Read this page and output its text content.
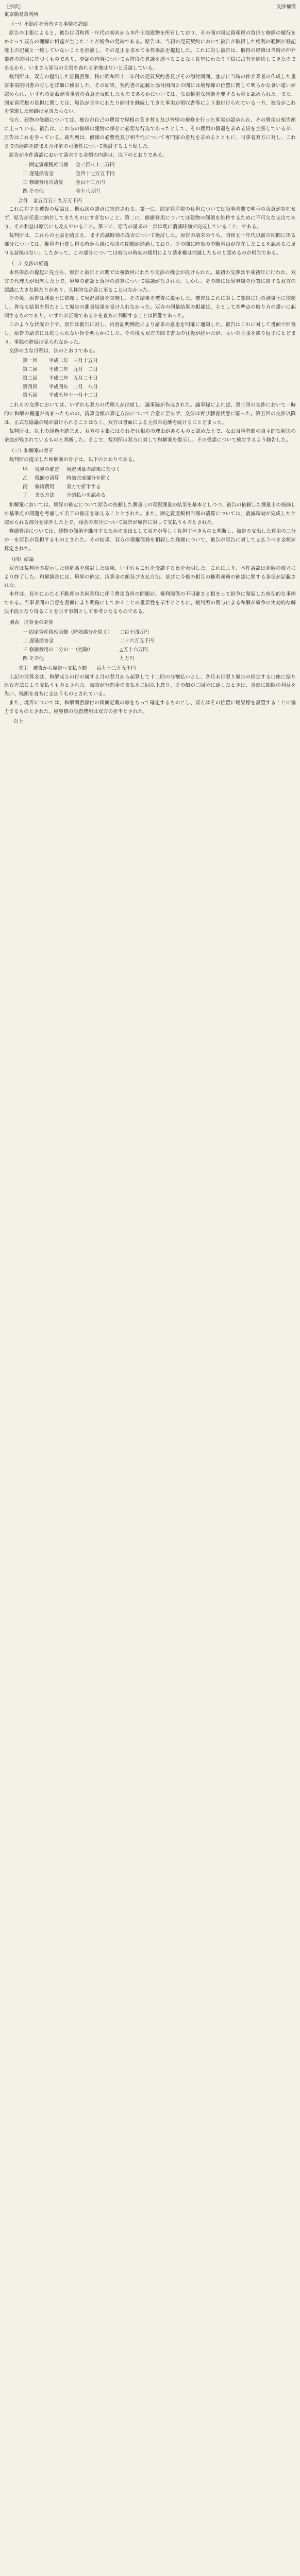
［抄訳］
東京簡易裁判所
交渉補償
（一）不動産を所有する事情の詳細

原告の主張によると、被告は昭和四十年代の初めから本件土地建物を所有しており、その間の固定資産税の負担と修繕の履行をめぐって双方の理解に相違が生じたことが紛争の発端である。原告は、当初の売買契約において被告が取得した権利の範囲が登記簿上の記載と一致していないことを指摘し、その是正を求めて本件訴訟を提起した。これに対し被告は、取得の経緯は当時の仲介業者の説明に基づくものであり、登記の内容についても特段の異議を述べることなく長年にわたり平穏に占有を継続してきたのであるから、いまさら原告の主張を容れる余地はないと反論している。

裁判所は、双方の提出した証拠書類、特に昭和四十二年付の売買契約書及びその添付図面、並びに当時の仲介業者の作成した重要事項説明書の写しを詳細に検討した。その結果、契約書の記載と添付図面との間には境界線の位置に関して明らかな食い違いが認められ、いずれの記載が当事者の真意を反映したものであるかについては、なお慎重な判断を要するものと認められた。また、固定資産税の負担に関しては、原告が長年にわたり納付を継続してきた事実が領収書等により裏付けられている一方、被告がこれを償還した形跡は見当たらない。

他方、建物の修繕については、被告が自己の費用で屋根の葺き替え及び外壁の補修を行った事実が認められ、その費用は相当額に上っている。被告は、これらの修繕は建物の保存に必要な行為であったとして、その費用の償還を求める旨を主張しているが、原告はこれを争っている。裁判所は、修繕の必要性及び相当性について専門家の意見を求めるとともに、当事者双方に対し、これまでの経緯を踏まえた和解の可能性について検討するよう促した。

原告が本件訴訟において請求する金額の内訳は、以下のとおりである。

一 固定資産税相当額	金三百八十二万円
二 遅延損害金	金四十七万五千円
三 修繕費用の清算	金百十二万円
四 その他	金十八万円
　合計　金五百五十九万五千円

これに対する被告の反論は、概ね次の諸点に集約される。第一に、固定資産税の負担については当事者間で明示の合意が存在せず、原告が任意に納付してきたものにすぎないこと。第二に、修繕費用については建物の価値を維持するために不可欠な支出であり、その利益は原告にも及んでいること。第三に、原告の請求の一部は既に消滅時効が完成していること、である。

裁判所は、これらの主張を踏まえ、まず消滅時効の成否について検討した。原告の請求のうち、昭和五十年代以前の期間に係る部分については、権利を行使し得る時から既に相当の期間が経過しており、その間に時効の中断事由が存在したことを認めるに足りる証拠はない。したがって、この部分については被告の時効の援用により請求権は消滅したものと認めるのが相当である。

（二）交渉の経過

本件訴訟の提起に先立ち、原告と被告との間では複数回にわたり交渉の機会が設けられた。最初の交渉は平成初年に行われ、双方の代理人が出席した上で、境界の確認と負担の清算について協議がなされた。しかし、その際には境界線の位置に関する双方の認識に大きな隔たりがあり、具体的な合意に至ることはなかった。

その後、原告は測量士に依頼して現況測量を実施し、その結果を被告に提示した。被告はこれに対して独自に別の測量士に依頼し、異なる結果を得たとして原告の測量結果を受け入れなかった。双方の測量結果の相違は、主として基準点の取り方の違いに起因するものであり、いずれが正確であるかを直ちに判断することは困難であった。

このような状況の下で、原告は被告に対し、内容証明郵便により請求の意思を明確に通知した。被告はこれに対して書面で回答し、原告の請求には応じられない旨を明らかにした。その後も双方の間で書面の往復が続いたが、互いの主張を繰り返すにとどまり、事態の進展は見られなかった。

交渉の主な日程は、次のとおりである。

第一回	平成二年　三月十五日
第二回	平成二年　九月　二日
第三回	平成三年　五月二十日
第四回	平成四年　二月　八日
第五回	平成五年十一月十二日

これらの交渉においては、いずれも双方の代理人が出席し、議事録が作成された。議事録によれば、第三回の交渉において一時的に和解の機運が高まったものの、清算金額の算定方法について合意に至らず、交渉は再び膠着状態に陥った。第五回の交渉以降は、正式な協議の場が設けられることはなく、双方は書面による主張の応酬を続けるにとどまった。

裁判所は、以上の経過を踏まえ、双方の主張にはそれぞれ相応の理由があるものと認めた上で、なお当事者間の自主的な解決の余地が残されているものと判断した。そこで、裁判所は双方に対して和解案を提示し、その受諾について検討するよう勧告した。

（三）和解案の骨子

裁判所の提示した和解案の骨子は、以下のとおりである。

甲	境界の確定	現況測量の結果に基づく
乙	税額の清算	時効完成部分を除く
丙	修繕費用	双方で折半する
丁	支払方法	分割払いを認める

和解案においては、境界の確定について原告の依頼した測量士の現況測量の結果を基本としつつ、被告の依頼した測量士の指摘した基準点の問題を考慮して若干の修正を加えることとされた。また、固定資産税相当額の清算については、消滅時効が完成したと認められる部分を除外した上で、残余の部分について被告が原告に対して支払うものとされた。

修繕費用については、建物の価値を維持するための支出として双方が等しく負担すべきものと判断し、被告の支出した費用の二分の一を原告が負担するものとされた。その結果、双方の債権債務を相殺した残額について、被告が原告に対して支払うべき金額が算定された。

（四）結論

双方は裁判所の提示した和解案を検討した結果、いずれもこれを受諾する旨を表明した。これにより、本件訴訟は和解の成立により終了した。和解調書には、境界の確定、清算金の額及び支払方法、並びに今後の相互の権利義務の確認に関する条項が記載された。

本件は、長年にわたる不動産の共同利用に伴う費用負担の問題が、権利関係の不明確さと相まって紛争に発展した典型的な事例である。当事者間の合意を書面により明確にしておくことの重要性を示すとともに、裁判所の関与による和解が紛争の実効的な解決手段となり得ることを示す事例として参考となるものである。

別表　清算金の計算
一 固定資産税相当額（時効部分を除く）	二百十四万円
二 遅延損害金	二十六万五千円
三 修繕費用の二分の一（控除）	△五十六万円
四 その他	九万円
　差引　被告から原告へ支払う額　　百九十三万五千円

上記の清算金は、和解成立の日の属する月の翌月から起算して十二回の分割払いとし、各月末日限り原告の指定する口座に振り込む方法により支払うものとされた。被告が分割金の支払を二回以上怠り、その額が二回分に達したときは、当然に期限の利益を失い、残額を直ちに支払うものとされている。

また、境界については、和解調書添付の図面記載の線をもって確定するものとし、双方はその位置に境界標を設置することに協力するものとされた。境界標の設置費用は双方の折半とされた。

以上
